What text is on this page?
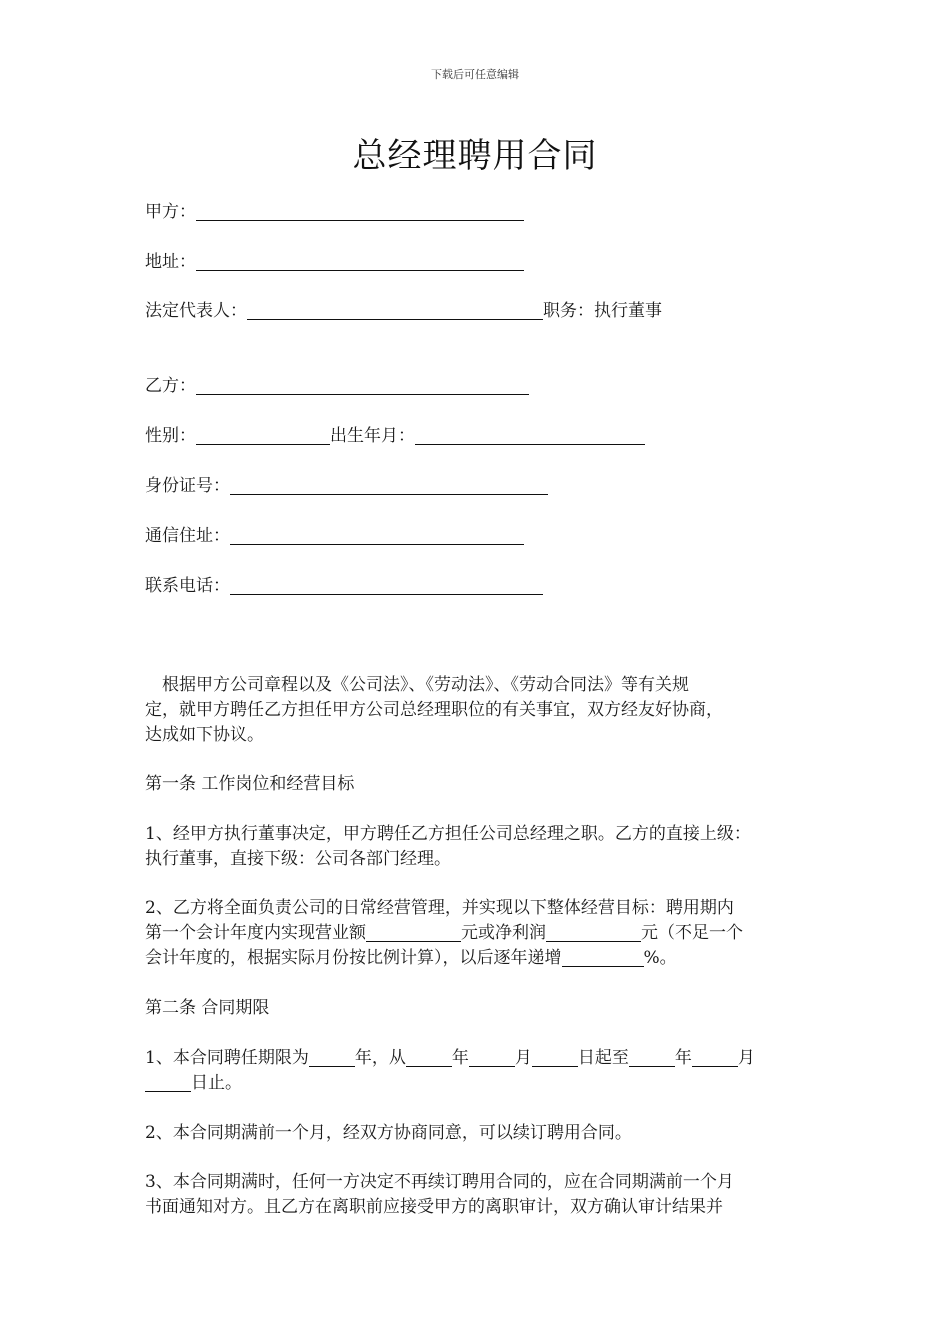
下载后可任意编辑
总经理聘用合同
甲方：
地址：
法定代表人：	职务：执行董事
乙方：
性别：	出生年月：
身份证号：
通信住址：
联系电话：
　根据甲方公司章程以及《公司法》、《劳动法》、《劳动合同法》等有关规
定，就甲方聘任乙方担任甲方公司总经理职位的有关事宜，双方经友好协商，
达成如下协议。
第一条 工作岗位和经营目标
1、经甲方执行董事决定，甲方聘任乙方担任公司总经理之职。乙方的直接上级：
执行董事，直接下级：公司各部门经理。
2、乙方将全面负责公司的日常经营管理，并实现以下整体经营目标：聘用期内
第一个会计年度内实现营业额	元或净利润	元（不足一个
会计年度的，根据实际月份按比例计算），以后逐年递增	%。
第二条 合同期限
1、本合同聘任期限为	年，从	年	月	日起至	年	月
日止。
2、本合同期满前一个月，经双方协商同意，可以续订聘用合同。
3、本合同期满时，任何一方决定不再续订聘用合同的，应在合同期满前一个月
书面通知对方。且乙方在离职前应接受甲方的离职审计，双方确认审计结果并
